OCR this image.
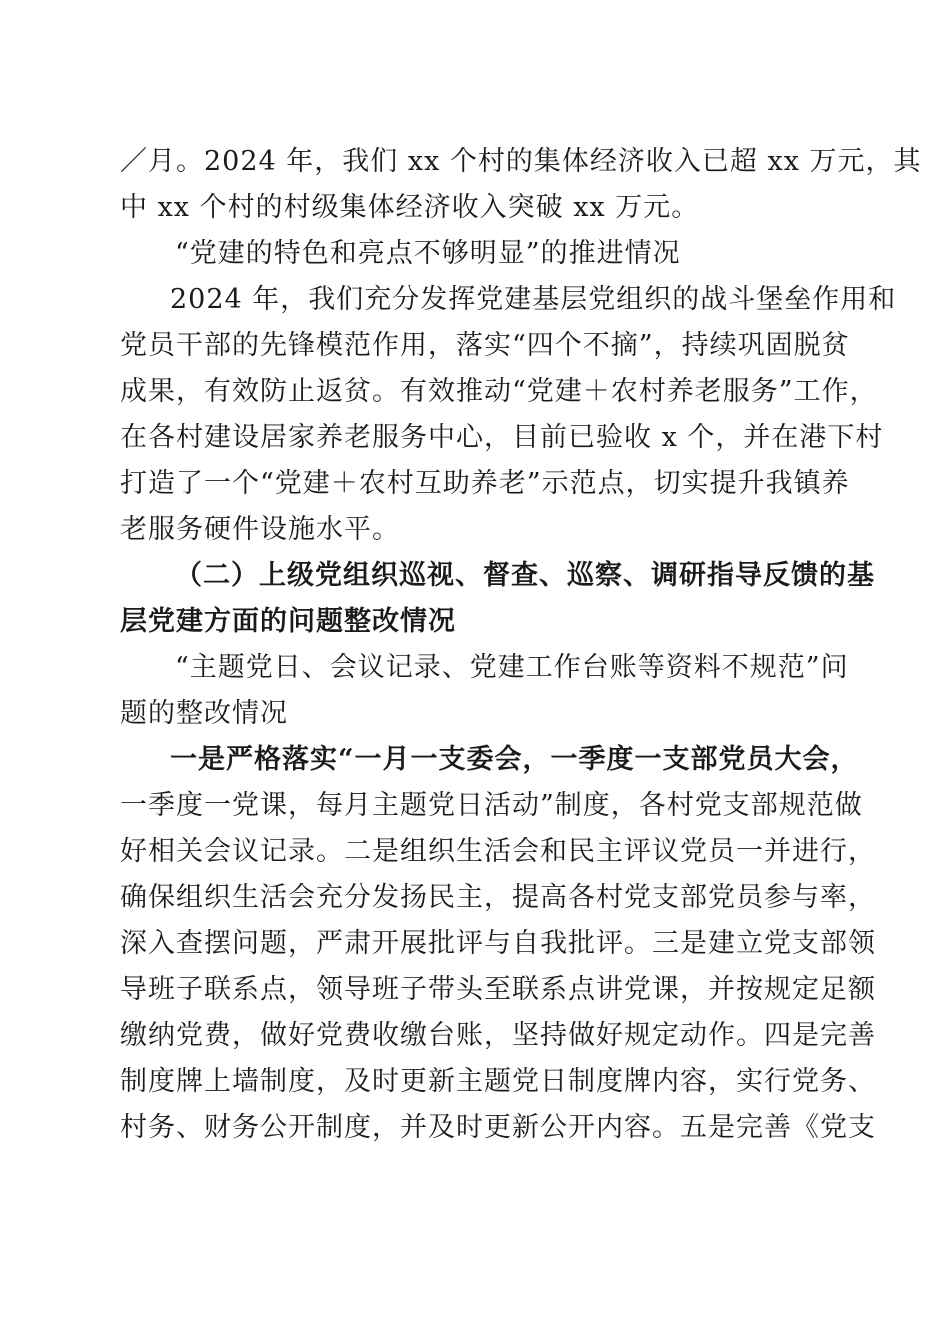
／月。2024 年，我们 xx 个村的集体经济收入已超 xx 万元，其
中 xx 个村的村级集体经济收入突破 xx 万元。
“党建的特色和亮点不够明显”的推进情况
2024 年，我们充分发挥党建基层党组织的战斗堡垒作用和
党员干部的先锋模范作用，落实“四个不摘”，持续巩固脱贫
成果，有效防止返贫。有效推动“党建＋农村养老服务”工作，
在各村建设居家养老服务中心，目前已验收 x 个，并在港下村
打造了一个“党建＋农村互助养老”示范点，切实提升我镇养
老服务硬件设施水平。
（二）上级党组织巡视、督查、巡察、调研指导反馈的基
层党建方面的问题整改情况
“主题党日、会议记录、党建工作台账等资料不规范”问
题的整改情况
一是严格落实“一月一支委会，一季度一支部党员大会，
一季度一党课，每月主题党日活动”制度，各村党支部规范做
好相关会议记录。二是组织生活会和民主评议党员一并进行，
确保组织生活会充分发扬民主，提高各村党支部党员参与率，
深入查摆问题，严肃开展批评与自我批评。三是建立党支部领
导班子联系点，领导班子带头至联系点讲党课，并按规定足额
缴纳党费，做好党费收缴台账，坚持做好规定动作。四是完善
制度牌上墙制度，及时更新主题党日制度牌内容，实行党务、
村务、财务公开制度，并及时更新公开内容。五是完善《党支
